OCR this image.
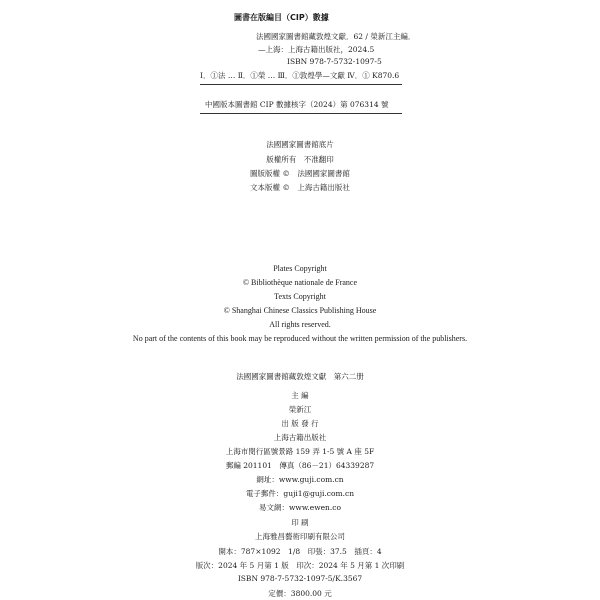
圖書在版編目（CIP）數據
法國國家圖書館藏敦煌文獻．62 / 榮新江主編．
—上海：上海古籍出版社，2024.5
ISBN 978-7-5732-1097-5
Ⅰ．①法 … Ⅱ．①榮 … Ⅲ．①敦煌學—文獻 Ⅳ．① K870.6
中國版本圖書館 CIP 數據核字（2024）第 076314 號
法國國家圖書館底片
版權所有　不准翻印
圖版版權 ©　法國國家圖書館
文本版權 ©　上海古籍出版社
Plates Copyright
© Bibliothèque nationale de France
Texts Copyright
© Shanghai Chinese Classics Publishing House
All rights reserved.
No part of the contents of this book may be reproduced without the written permission of the publishers.
法國國家圖書館藏敦煌文獻　第六二册
主 編
榮新江
出 版 發 行
上海古籍出版社
上海市閔行區號景路 159 弄 1-5 號 A 座 5F
郵編 201101　傳真（86－21）64339287
網址：www.guji.com.cn
電子郵件：guji1@guji.com.cn
易文網：www.ewen.co
印 刷
上海雅昌藝術印刷有限公司
開本：787×1092　1/8　印張：37.5　插頁：4
版次：2024 年 5 月第 1 版　印次：2024 年 5 月第 1 次印刷
ISBN 978-7-5732-1097-5/K.3567
定價：3800.00 元
